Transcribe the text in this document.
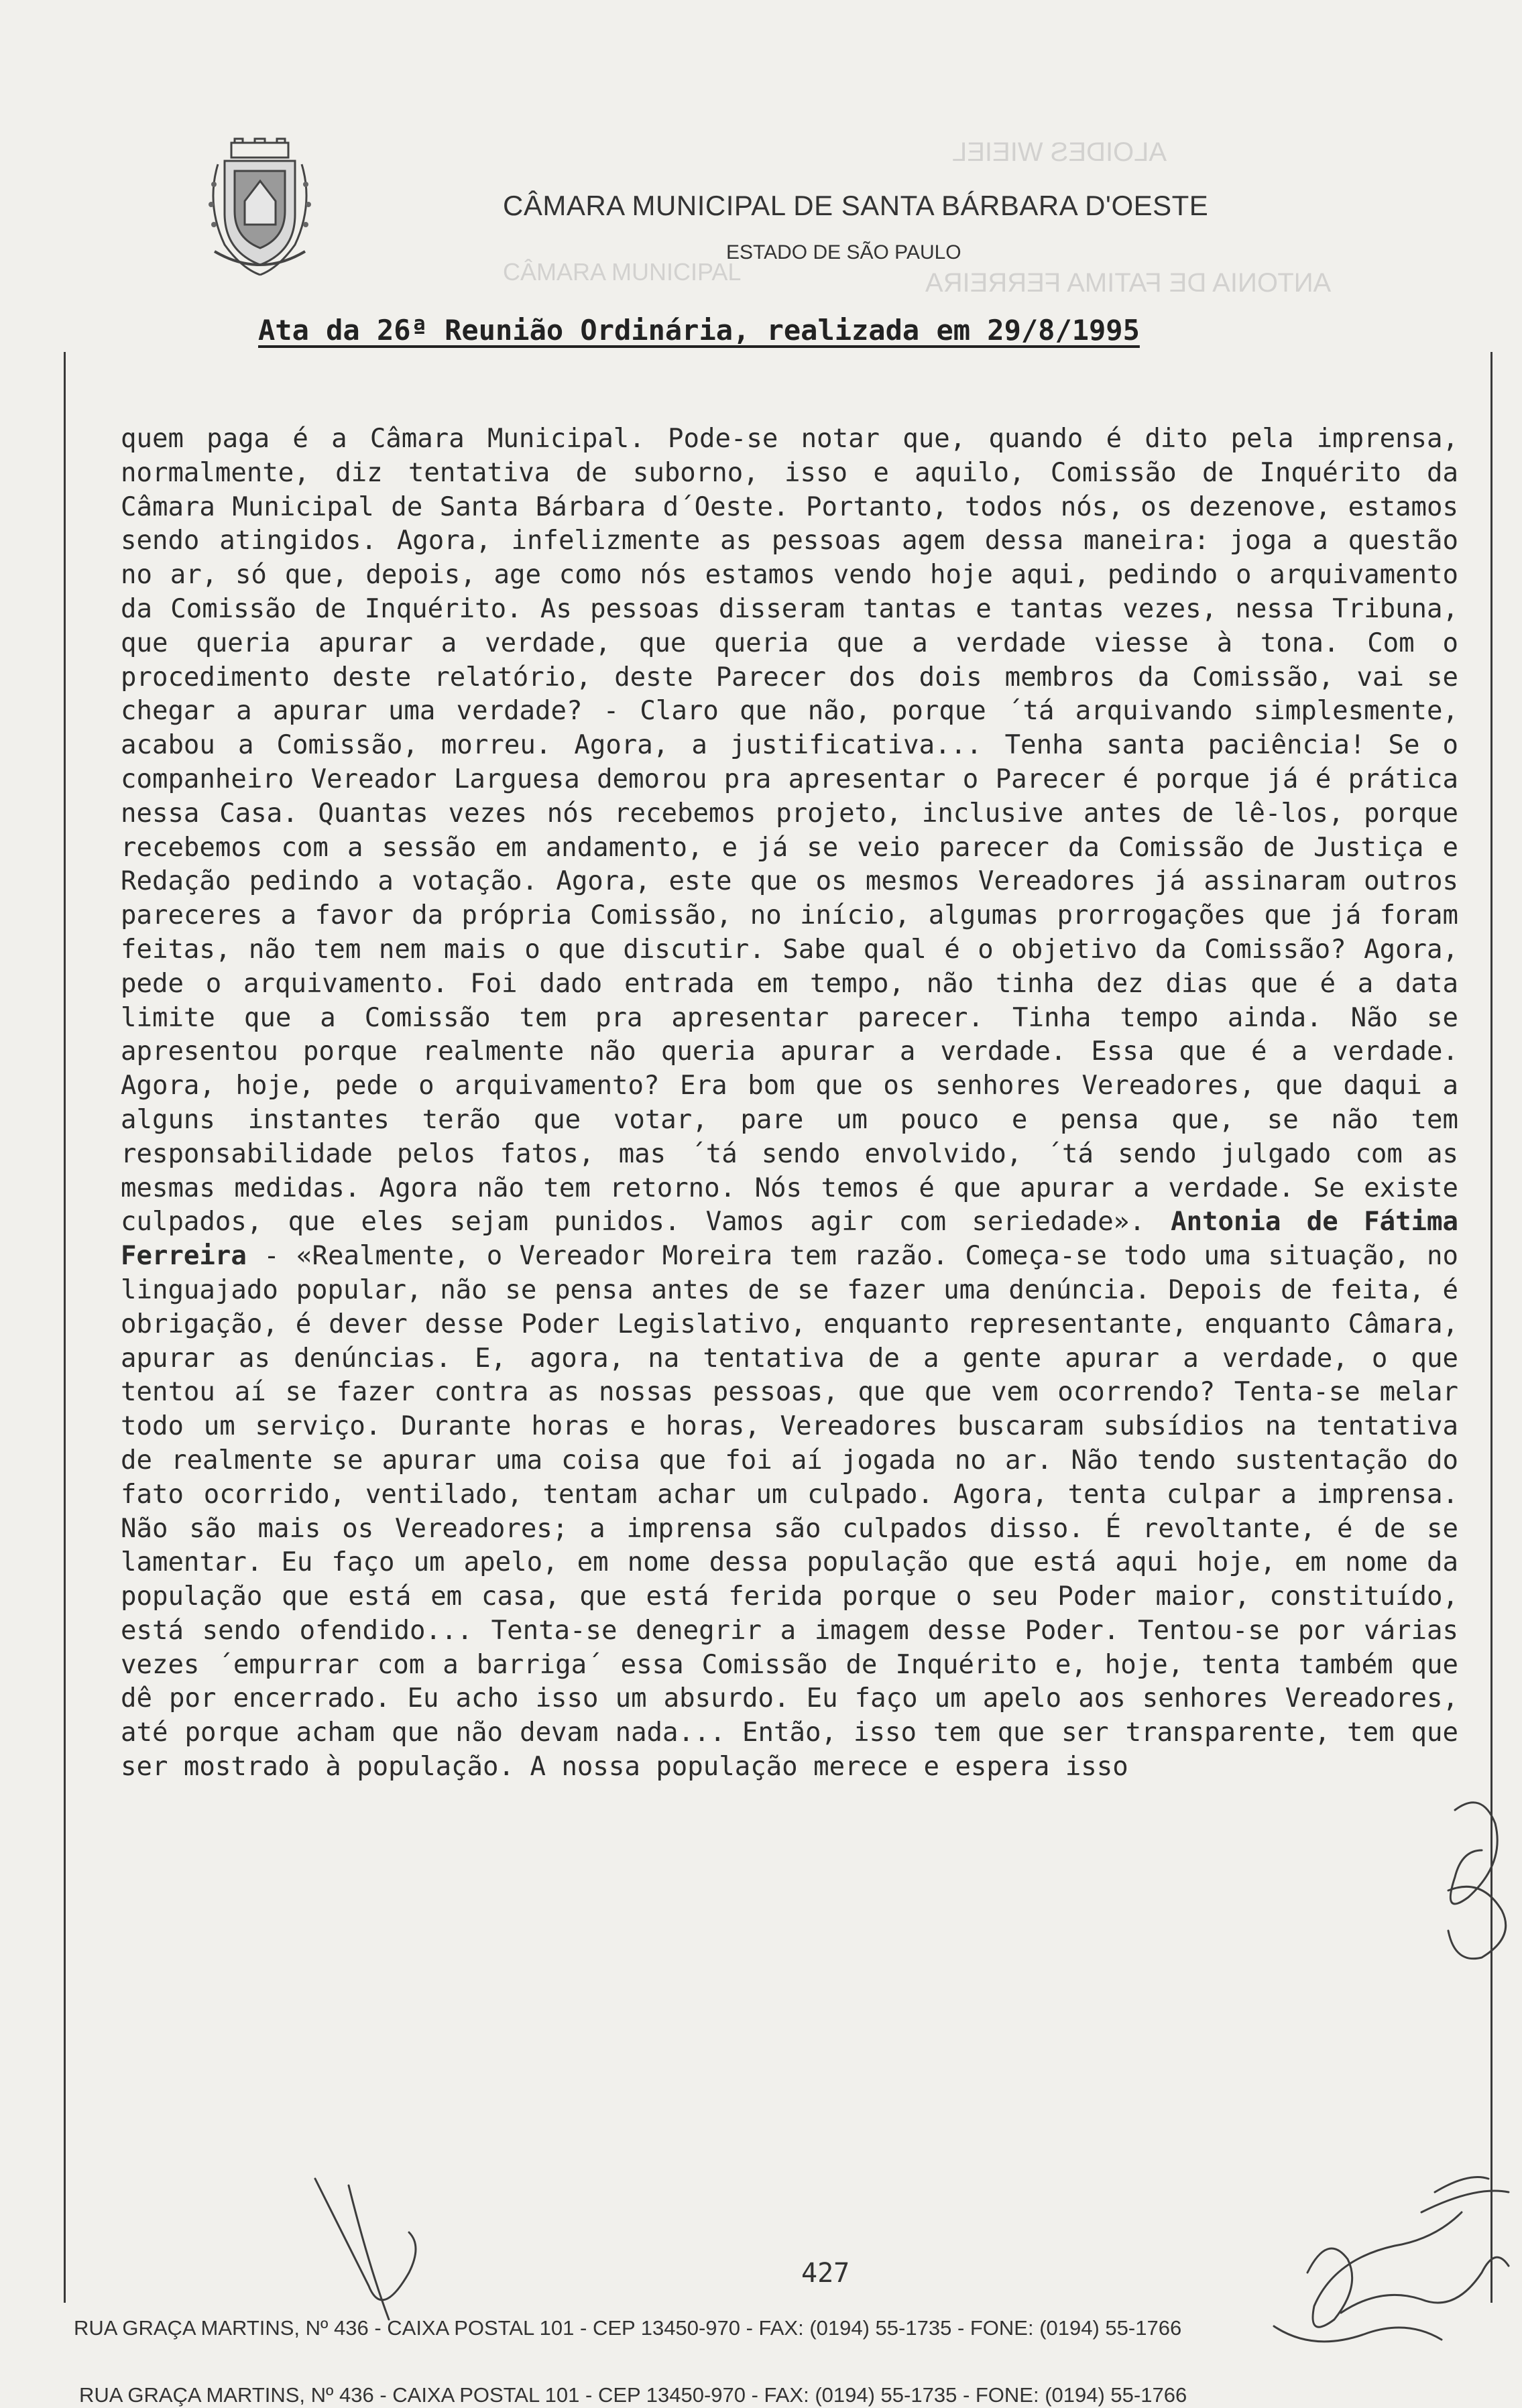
ALOIDES WIEIEL
ANTONIA DE FATIMA FERREIRA
CÂMARA MUNICIPAL
CÂMARA MUNICIPAL DE SANTA BÁRBARA D'OESTE
ESTADO DE SÃO PAULO
Ata da 26ª Reunião Ordinária, realizada em 29/8/1995

quem paga é a Câmara Municipal. Pode-se notar que, quando é dito pela imprensa, normalmente, diz tentativa de suborno, isso e aquilo, Comissão de Inquérito da Câmara Municipal de Santa Bárbara d´Oeste. Portanto, todos nós, os dezenove, estamos sendo atingidos. Agora, infelizmente as pessoas agem dessa maneira: joga a questão no ar, só que, depois, age como nós estamos vendo hoje aqui, pedindo o arquivamento da Comissão de Inquérito. As pessoas disseram tantas e tantas vezes, nessa Tribuna, que queria apurar a verdade, que queria que a verdade viesse à tona. Com o procedimento deste relatório, deste Parecer dos dois membros da Comissão, vai se chegar a apurar uma verdade? - Claro que não, porque ´tá arquivando simplesmente, acabou a Comissão, morreu. Agora, a justificativa... Tenha santa paciência! Se o companheiro Vereador Larguesa demorou pra apresentar o Parecer é porque já é prática nessa Casa. Quantas vezes nós recebemos projeto, inclusive antes de lê-los, porque recebemos com a sessão em andamento, e já se veio parecer da Comissão de Justiça e Redação pedindo a votação. Agora, este que os mesmos Vereadores já assinaram outros pareceres a favor da própria Comissão, no início, algumas prorrogações que já foram feitas, não tem nem mais o que discutir. Sabe qual é o objetivo da Comissão? Agora, pede o arquivamento. Foi dado entrada em tempo, não tinha dez dias que é a data limite que a Comissão tem pra apresentar parecer. Tinha tempo ainda. Não se apresentou porque realmente não queria apurar a verdade. Essa que é a verdade. Agora, hoje, pede o arquivamento? Era bom que os senhores Vereadores, que daqui a alguns instantes terão que votar, pare um pouco e pensa que, se não tem responsabilidade pelos fatos, mas ´tá sendo envolvido, ´tá sendo julgado com as mesmas medidas. Agora não tem retorno. Nós temos é que apurar a verdade. Se existe culpados, que eles sejam punidos. Vamos agir com seriedade». Antonia de Fátima Ferreira - «Realmente, o Vereador Moreira tem razão. Começa-se todo uma situação, no linguajado popular, não se pensa antes de se fazer uma denúncia. Depois de feita, é obrigação, é dever desse Poder Legislativo, enquanto representante, enquanto Câmara, apurar as denúncias. E, agora, na tentativa de a gente apurar a verdade, o que tentou aí se fazer contra as nossas pessoas, que que vem ocorrendo? Tenta-se melar todo um serviço. Durante horas e horas, Vereadores buscaram subsídios na tentativa de realmente se apurar uma coisa que foi aí jogada no ar. Não tendo sustentação do fato ocorrido, ventilado, tentam achar um culpado. Agora, tenta culpar a imprensa. Não são mais os Vereadores; a imprensa são culpados disso. É revoltante, é de se lamentar. Eu faço um apelo, em nome dessa população que está aqui hoje, em nome da população que está em casa, que está ferida porque o seu Poder maior, constituído, está sendo ofendido... Tenta-se denegrir a imagem desse Poder. Tentou-se por várias vezes ´empurrar com a barriga´ essa Comissão de Inquérito e, hoje, tenta também que dê por encerrado. Eu acho isso um absurdo. Eu faço um apelo aos senhores Vereadores, até porque acham que não devam nada... Então, isso tem que ser transparente, tem que ser mostrado à população. A nossa população merece e espera isso

427
RUA GRAÇA MARTINS, Nº 436 - CAIXA POSTAL 101 - CEP 13450-970 - FAX: (0194) 55-1735 - FONE: (0194) 55-1766
RUA GRAÇA MARTINS, Nº 436 - CAIXA POSTAL 101 - CEP 13450-970 - FAX: (0194) 55-1735 - FONE: (0194) 55-1766
